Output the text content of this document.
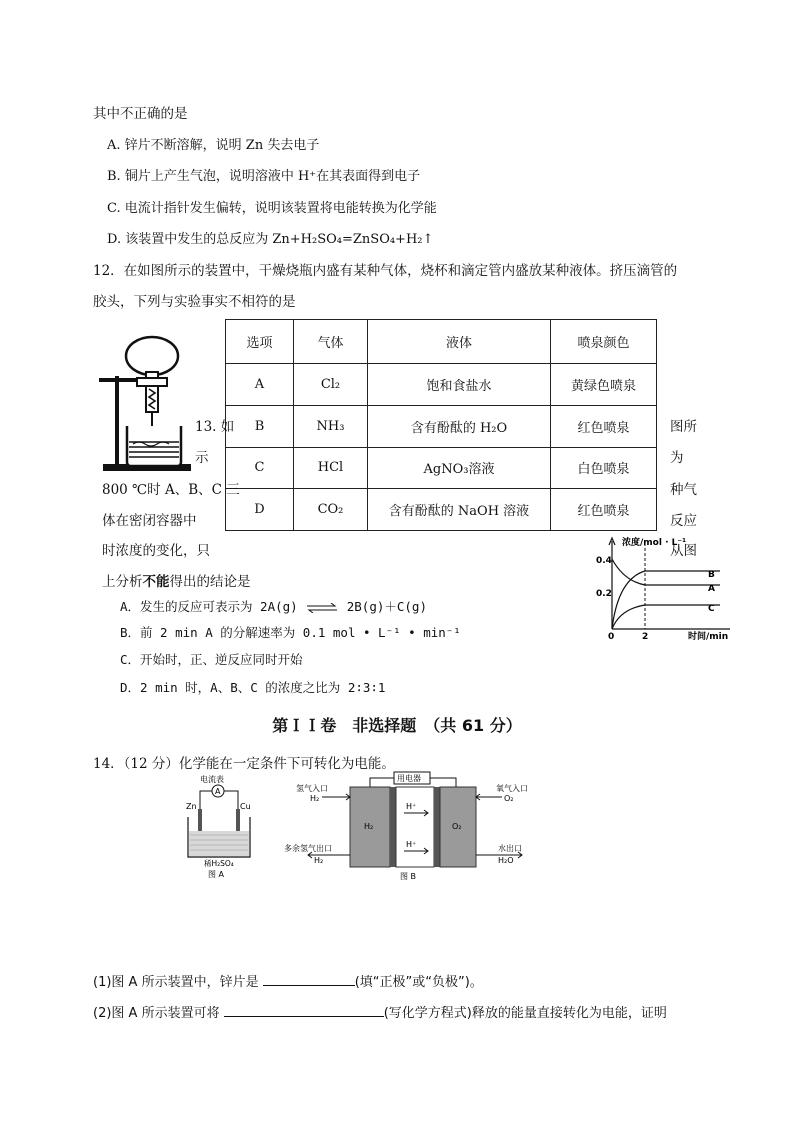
其中不正确的是
A. 锌片不断溶解，说明 Zn 失去电子
B. 铜片上产生气泡，说明溶液中 H⁺在其表面得到电子
C. 电流计指针发生偏转，说明该装置将电能转换为化学能
D. 该装置中发生的总反应为 Zn+H₂SO₄=ZnSO₄+H₂↑
12．在如图所示的装置中，干燥烧瓶内盛有某种气体，烧杯和滴定管内盛放某种液体。挤压滴管的
胶头，下列与实验事实不相符的是
选项	气体	液体	喷泉颜色
A	Cl₂	饱和食盐水	黄绿色喷泉
B	NH₃	含有酚酞的 H₂O	红色喷泉
C	HCl	AgNO₃溶液	白色喷泉
D	CO₂	含有酚酞的 NaOH 溶液	红色喷泉
13. 如
示
800 ℃时 A、B、C 三
体在密闭容器中
时浓度的变化，只
图所
为
种气
反应
从图
浓度/mol · L⁻¹
0.4
0.2
0	2	时间/min
B
A
C
上分析不能得出的结论是
A．发生的反应可表示为 2A(g) ⇌ 2B(g)＋C(g)
B．前 2 min A 的分解速率为 0.1 mol • L⁻¹ • min⁻¹
C．开始时，正、逆反应同时开始
D．2 min 时，A、B、C 的浓度之比为 2∶3∶1
第ＩＩ卷　非选择题　（共 61 分）
14．（12 分）化学能在一定条件下可转化为电能。
电流表
A
Zn	Cu
稀H₂SO₄
图 A
用电器
H₂	O₂
H⁺
H⁺
氢气入口
H₂
氧气入口
O₂
多余氢气出口
H₂
水出口
H₂O
图 B
(1)图 A 所示装置中，锌片是	(填“正极”或“负极”)。
(2)图 A 所示装置可将	(写化学方程式)释放的能量直接转化为电能，证明
